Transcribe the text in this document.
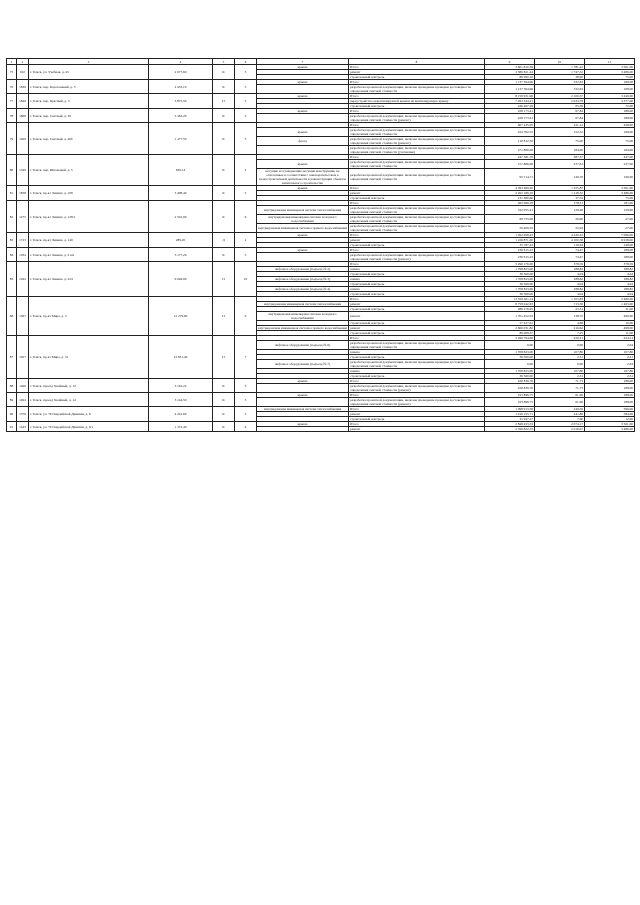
1	2	3	4	5	6	7	8	9	10	11
75	610	г. Томск, ул. Учебная, д. 45	2 077,60	К	5	крыша	Итого	3 661 810,39	1 781,22	3 561,00
							ремонт	3 586 821,44	1 747,32	3 486,00
							строительный контроль	86 990,10	38,90	75,00
76	1836	г. Томск, пер. Коротенький, д. 3	2 453,10	К	5	крыша	Итого	1 137 394,96	332,63	168,00
							разработка проектной документации, включая проведение проверки достоверности определения сметной стоимости	1 137 394,96	332,63	168,00
77	1846	г. Томск, пер. Красный, д. 5	3 875,50	П	5	крыша	Итого	8 159 931,96	2 100,37	3 449,00
							переустройство невентилируемой крыши на вентилируемую крышу	7 493 344,21	2 034,78	3 377,00
							строительный контроль	246 467,28	65,59	72,00
78	1808	г. Томск, пер. Светлый, д. 36	3 363,29	К	5	крыша	Итого	228 173,41	67,84	188,00
							разработка проектной документации, включая проведение проверки достоверности определения сметной стоимости (ремонт)	228 173,41	67,84	188,00
79	1400	г. Томск, пер. Светлый, д. 40б	1 477,50	К	5		Итого	607 435,05	411,12	428,00
						крыша	разработка проектной документации, включая проведение проверки достоверности определения сметной стоимости	224 762,53	152,12	168,00
						фасад	разработка проектной документации, включая проведение проверки достоверности определения сметной стоимости (ремонт)	110 812,50	75,00	75,00
							разработка проектной документации, включая проведение проверки достоверности определения сметной стоимости (утепление)	271 860,00	184,00	184,00
80	1349	г. Томск, пер. Шпальный, д. 5	639,14	К	2		Итого	247 581,70	387,37	447,00
						крыша	разработка проектной документации, включая проведение проверки достоверности определения сметной стоимости	151 866,99	237,61	237,00
						несущие и ограждающие несущие конструкции, не отнесенные в соответствии с законодательством к градостроительной деятельности к реконструкции объектов капитального строительства	разработка проектной документации, включая проведение проверки достоверности определения сметной стоимости	95 714,71	149,76	196,00
81	1858	г. Томск, пр-кт Ленина, д. 108	3 498,40	К	5	крыша	Итого	4 393 469,20	1 255,87	3 561,00
							ремонт	4 262 189,10	1 218,32	3 486,00
							строительный контроль	131 380,60	37,55	75,00
82	1275	г. Томск, пр-кт Ленина, д. 128/1	2 591,90	К	6		Итого	462 066,18	178,31	181,00
						внутридомовая инженерная система теплоснабжения	разработка проектной документации, включая проведение проверки достоверности определения сметной стоимости	332 955,41	128,46	129,00
						внутридомовая инженерная система холодного водоснабжения	разработка проектной документации, включая проведение проверки достоверности определения сметной стоимости	69 735,06	26,90	27,00
						внутридомовая инженерная система горячего водоснабжения	разработка проектной документации, включая проведение проверки достоверности определения сметной стоимости	59 406,35	22,92	27,00
83	1725	г. Томск, пр-кт Ленина, д. 149	289,20	Д	2	крыша	Итого	1 262 658,43	4 220,22	7 096,00
							ремонт	1 226 871,00	4 100,58	6 918,00
							строительный контроль	35 787,43	119,64	148,00
84	1184	г. Томск, пр-кт Ленина, д. 212а	3 177,26	К	5	крыша	Итого	236 615,23	74,47	188,00
							разработка проектной документации, включая проведение проверки достоверности определения сметной стоимости (ремонт)	236 615,23	74,47	188,00
85	1292	г. Томск, пр-кт Ленина, д. 224	9 049,90	П	10		Итого	3 290 176,00	378,59	378,59
						лифтовое оборудование (подъезд № 2)	замена	1 798 823,00	188,82	188,82
							строительный контроль	36 560,00	4,04	4,04
						лифтовое оборудование (подъезд № 3)	замена	1 708 823,00	188,82	188,82
							строительный контроль	36 560,00	4,04	4,04
						лифтовое оборудование (подъезд № 4)	замена	1 708 823,00	188,82	188,82
							строительный контроль	36 560,00	4,04	4,04
86	1367	г. Томск, пр-кт Мира, д. 3	12 279,60	П	9		Итого	13 559 361,14	1 103,83	2 480,00
						внутридомовая инженерная система теплоснабжения	ремонт	8 759 042,63	713,30	1 463,00
							строительный контроль	286 276,95	23,31	31,00
						внутридомовая инженерная система холодного водоснабжения	ремонт	1 701 452,03	138,72	490,00
							строительный контроль	57 427,61	4,68	10,00
						внутридомовая инженерная система горячего водоснабжения	ремонт	2 660 031,82	216,62	498,00
							строительный контроль	89 008,37	7,25	11,00
87	1057	г. Томск, пр-кт Мира, д. 31	15 831,40	П	7		Итого	3 490 794,00	220,21	224,51
						лифтовое оборудование (подъезд № 6)	разработка проектной документации, включая проведение проверки достоверности определения сметной стоимости	0,00	0,00	2,04
							замена	1 708 823,00	107,80	107,80
							строительный контроль	36 560,00	2,31	2,31
						лифтовое оборудование (подъезд № 7)	разработка проектной документации, включая проведение проверки достоверности определения сметной стоимости	0,00	0,00	2,04
							замена	1 708 823,00	107,80	107,80
							строительный контроль	36 560,00	2,31	2,31
88	1490	г. Томск, проезд Хвойный, д. 12	3 162,22	К	5	крыша	Итого	226 839,76	71,73	188,00
							разработка проектной документации, включая проведение проверки достоверности определения сметной стоимости (ремонт)	226 839,76	71,73	188,00
89	1492	г. Томск, проезд Хвойный, д. 14	3 144,50	К	5	крыша	Итого	193 898,75	61,66	188,00
							разработка проектной документации, включая проведение проверки достоверности определения сметной стоимости (ремонт)	193 898,75	61,66	188,00
90	1376	г. Томск, ул. 79 Гвардейской Дивизии, д. 8	4 201,60	К	5	внутридомовая инженерная система теплоснабжения	Итого	1 098 913,58	249,56	596,00
							ремонт	1 016 155,71	241,86	584,00
							строительный контроль	31 947,27	7,60	12,00
91	1445	г. Томск, ул. 79 Гвардейской Дивизии, д. 9/1	1 372,40	К	6	крыша	Итого	2 849 453,33	2 074,17	3 561,00
							ремонт	2 766 822,33	2 016,07	3 486,00
